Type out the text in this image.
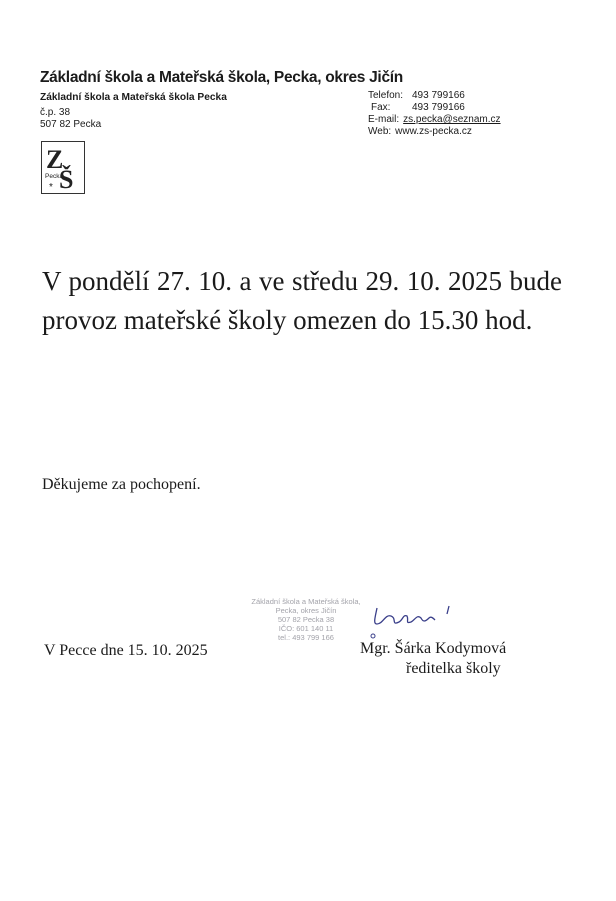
Základní škola a Mateřská škola, Pecka, okres Jičín
Základní škola a Mateřská škola Pecka
č.p. 38
507 82 Pecka
Telefon: 493 799166
Fax: 493 799166
E-mail: zs.pecka@seznam.cz
Web: www.zs-pecka.cz
Z
Š
Pecka
*
V pondělí 27. 10. a ve středu 29. 10. 2025 bude provoz mateřské školy omezen do 15.30 hod.
Děkujeme za pochopení.
V Pecce dne 15. 10. 2025
Základní škola a Mateřská škola,
Pecka, okres Jičín
507 82 Pecka 38
IČO: 601 140 11
tel.: 493 799 166
Mgr. Šárka Kodymová
ředitelka školy
